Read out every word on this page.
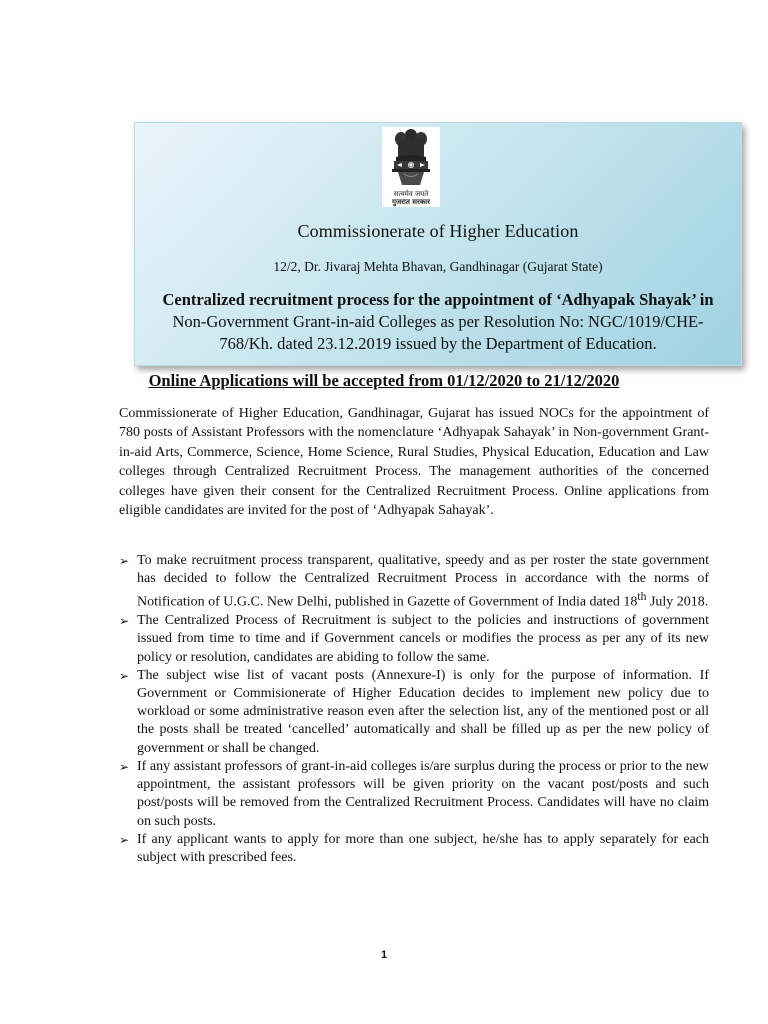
सत्यमेव जयते
गुजरात सरकार
Commissionerate of Higher Education
12/2, Dr. Jivaraj Mehta Bhavan, Gandhinagar (Gujarat State)
Centralized recruitment process for the appointment of ‘Adhyapak Shayak’ in
Non-Government Grant-in-aid Colleges as per Resolution No: NGC/1019/CHE-
768/Kh. dated 23.12.2019 issued by the Department of Education.
Online Applications will be accepted from 01/12/2020 to 21/12/2020
Commissionerate of Higher Education, Gandhinagar, Gujarat has issued NOCs for the appointment of 780 posts of Assistant Professors with the nomenclature ‘Adhyapak Sahayak’ in Non-government Grant-in-aid Arts, Commerce, Science, Home Science, Rural Studies, Physical Education, Education and Law colleges through Centralized Recruitment Process. The management authorities of the concerned colleges have given their consent for the Centralized Recruitment Process. Online applications from eligible candidates are invited for the post of ‘Adhyapak Sahayak’.
➢ To make recruitment process transparent, qualitative, speedy and as per roster the state government has decided to follow the Centralized Recruitment Process in accordance with the norms of Notification of U.G.C. New Delhi, published in Gazette of Government of India dated 18th July 2018.
➢ The Centralized Process of Recruitment is subject to the policies and instructions of government issued from time to time and if Government cancels or modifies the process as per any of its new policy or resolution, candidates are abiding to follow the same.
➢ The subject wise list of vacant posts (Annexure-I) is only for the purpose of information. If Government or Commisionerate of Higher Education decides to implement new policy due to workload or some administrative reason even after the selection list, any of the mentioned post or all the posts shall be treated ‘cancelled’ automatically and shall be filled up as per the new policy of government or shall be changed.
➢ If any assistant professors of grant-in-aid colleges is/are surplus during the process or prior to the new appointment, the assistant professors will be given priority on the vacant post/posts and such post/posts will be removed from the Centralized Recruitment Process. Candidates will have no claim on such posts.
➢ If any applicant wants to apply for more than one subject, he/she has to apply separately for each subject with prescribed fees.
1
